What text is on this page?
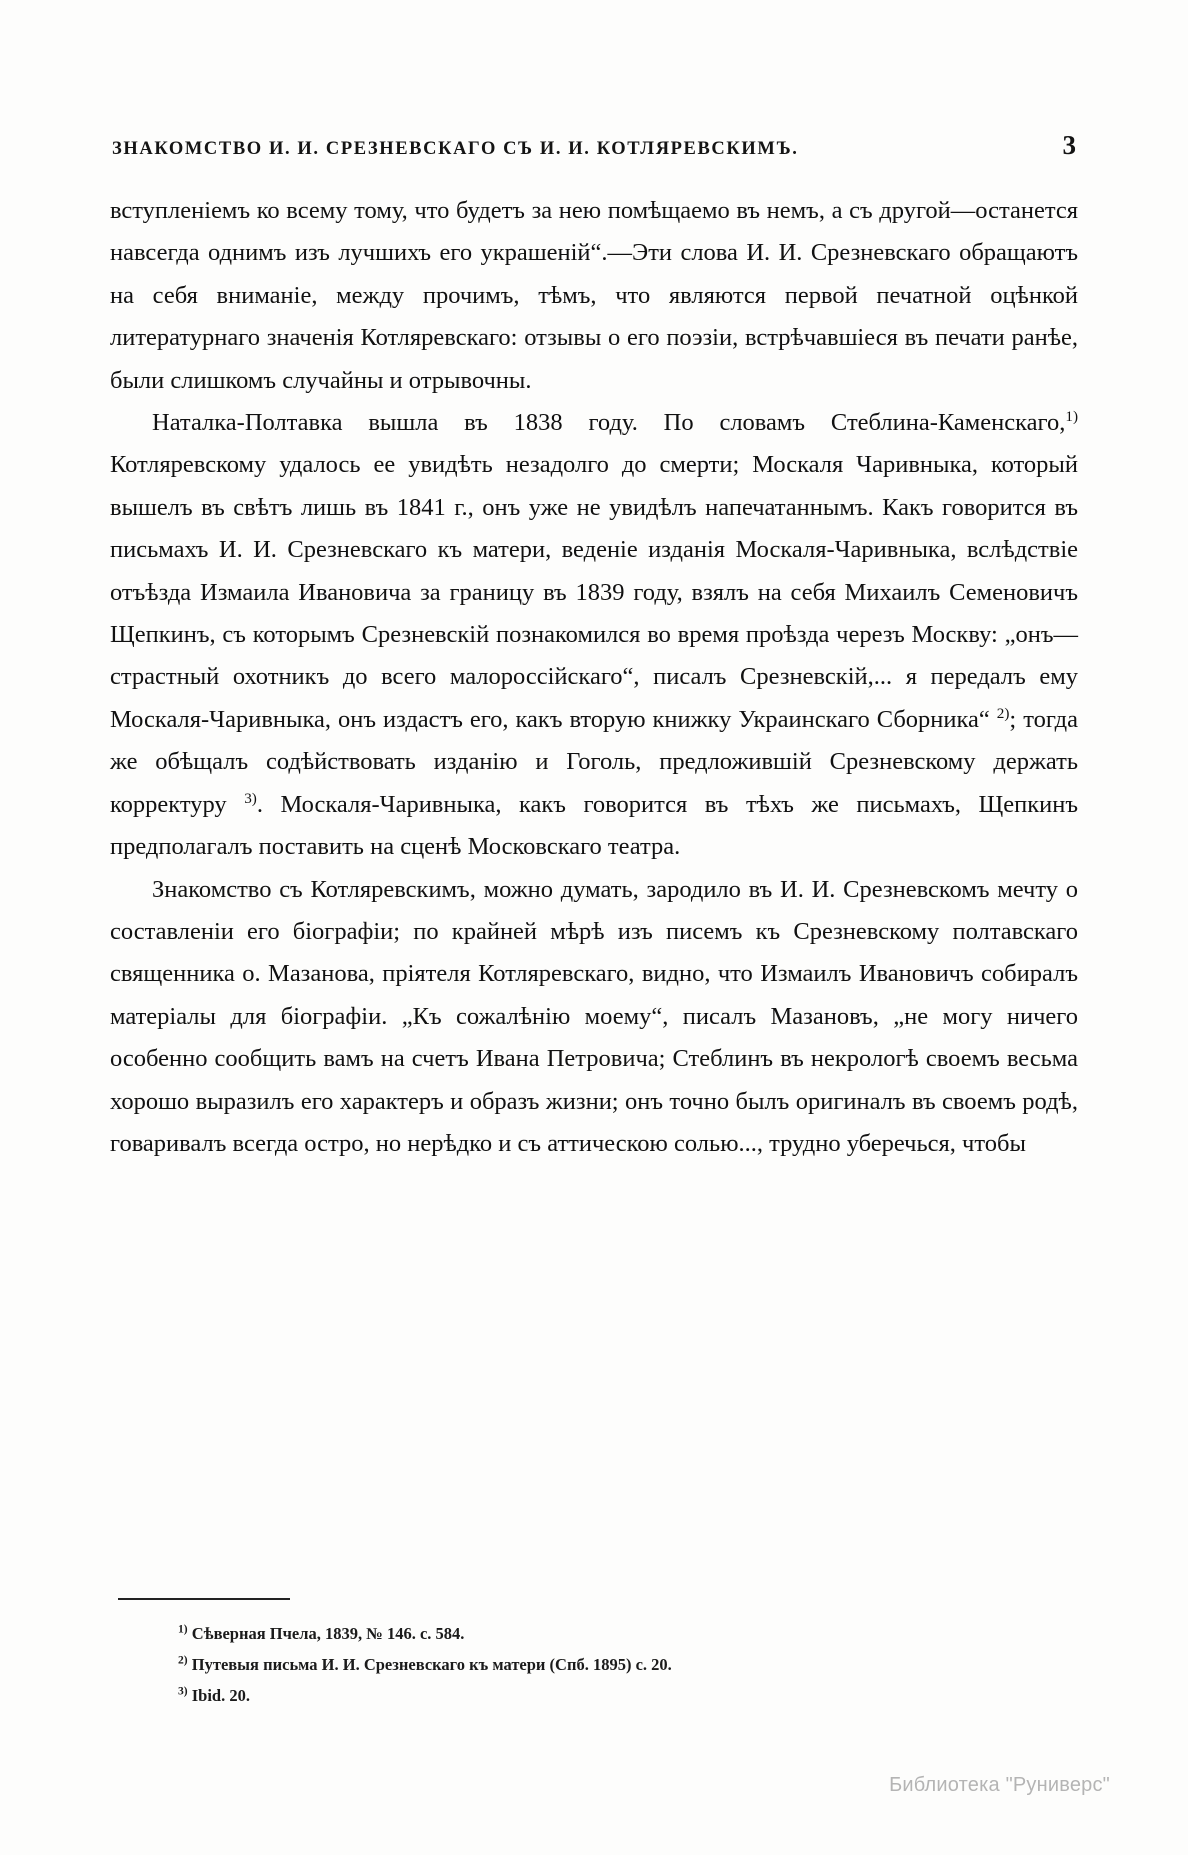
ЗНАКОМСТВО И. И. СРЕЗНЕВСКАГО СЪ И. И. КОТЛЯРЕВСКИМЪ.	3

вступленіемъ ко всему тому, что будетъ за нею помѣщаемо въ немъ, а съ другой—останется навсегда однимъ изъ лучшихъ его украшеній“.—Эти слова И. И. Срезневскаго обращаютъ на себя вниманіе, между прочимъ, тѣмъ, что являются первой печатной оцѣнкой литературнаго значенія Котляревскаго: отзывы о его поэзіи, встрѣчавшіеся въ печати ранѣе, были слишкомъ случайны и отрывочны.

Наталка-Полтавка вышла въ 1838 году. По словамъ Стеблина-Каменскаго,$^{1)}$ Котляревскому удалось ее увидѣть незадолго до смерти; Москаля Чаривныка, который вышелъ въ свѣтъ лишь въ 1841 г., онъ уже не увидѣлъ напечатаннымъ. Какъ говорится въ письмахъ И. И. Срезневскаго къ матери, веденіе изданія Москаля-Чаривныка, вслѣдствіе отъѣзда Измаила Ивановича за границу въ 1839 году, взялъ на себя Михаилъ Семеновичъ Щепкинъ, съ которымъ Срезневскій познакомился во время проѣзда черезъ Москву: „онъ—страстный охотникъ до всего малороссійскаго“, писалъ Срезневскій,... я передалъ ему Москаля-Чаривныка, онъ издастъ его, какъ вторую книжку Украинскаго Сборника“ $^{2)}$; тогда же обѣщалъ содѣйствовать изданію и Гоголь, предложившій Срезневскому держать корректуру $^{3)}$. Москаля-Чаривныка, какъ говорится въ тѣхъ же письмахъ, Щепкинъ предполагалъ поставить на сценѣ Московскаго театра.

Знакомство съ Котляревскимъ, можно думать, зародило въ И. И. Срезневскомъ мечту о составленіи его біографіи; по крайней мѣрѣ изъ писемъ къ Срезневскому полтавскаго священника о. Мазанова, пріятеля Котляревскаго, видно, что Измаилъ Ивановичъ собиралъ матеріалы для біографіи. „Къ сожалѣнію моему“, писалъ Мазановъ, „не могу ничего особенно сообщить вамъ на счетъ Ивана Петровича; Стеблинъ въ некрологѣ своемъ весьма хорошо выразилъ его характеръ и образъ жизни; онъ точно былъ оригиналъ въ своемъ родѣ, говаривалъ всегда остро, но нерѣдко и съ аттическою солью..., трудно уберечься, чтобы

$^{1)}$ Сѣверная Пчела, 1839, № 146. с. 584.

$^{2)}$ Путевыя письма И. И. Срезневскаго къ матери (Спб. 1895) с. 20.

$^{3)}$ Ibid. 20.

Библиотека "Руниверс"
